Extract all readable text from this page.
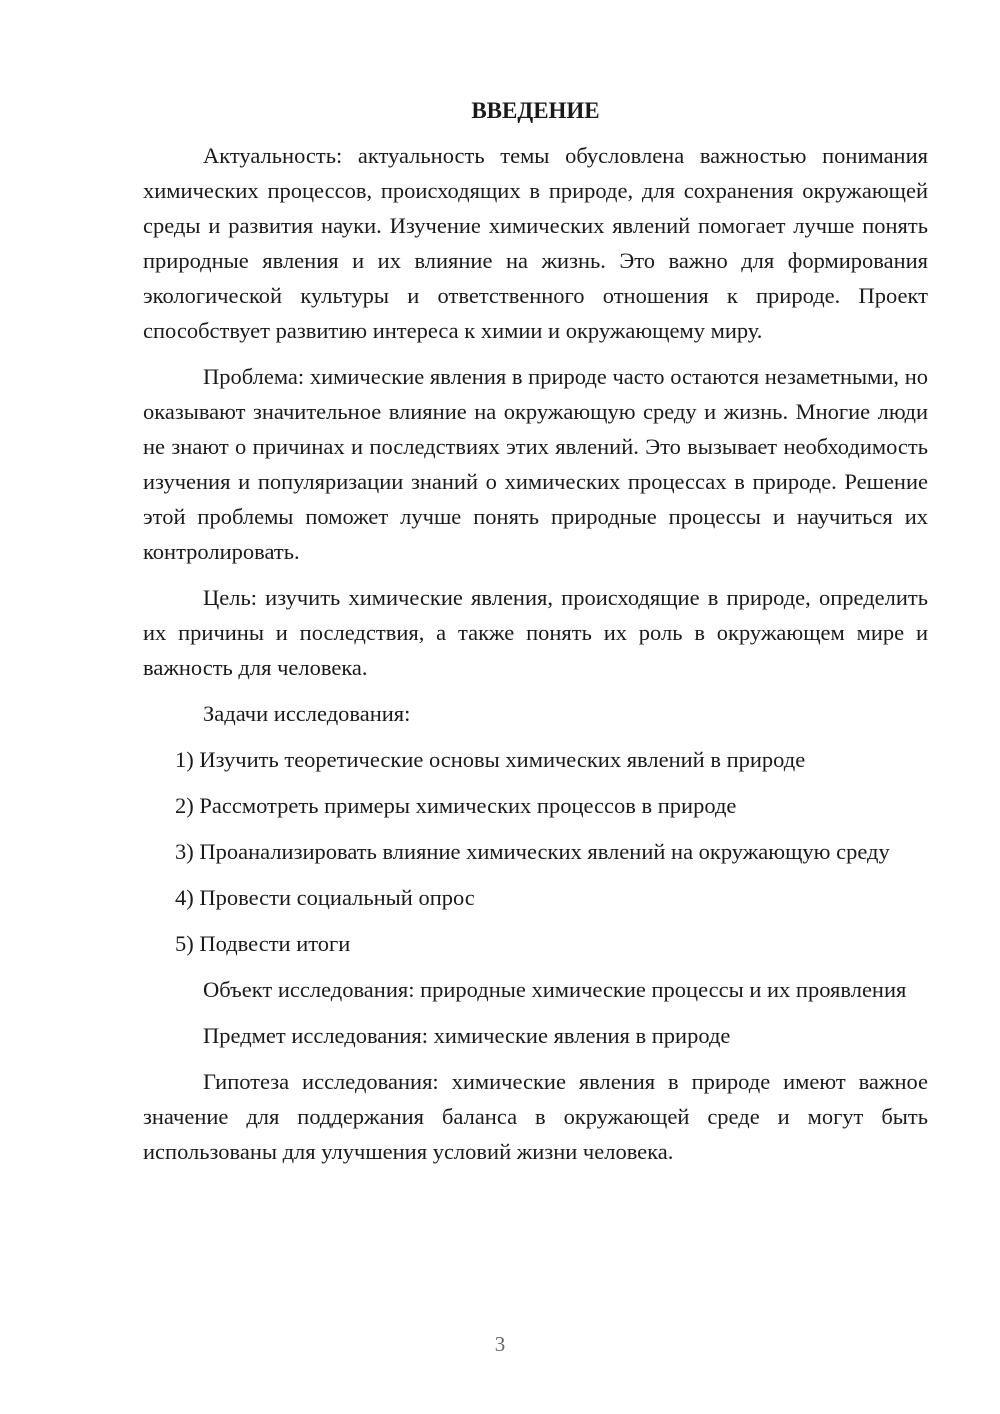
ВВЕДЕНИЕ

Актуальность: актуальность темы обусловлена важностью понимания химических процессов, происходящих в природе, для сохранения окружающей среды и развития науки. Изучение химических явлений помогает лучше понять природные явления и их влияние на жизнь. Это важно для формирования экологической культуры и ответственного отношения к природе. Проект способствует развитию интереса к химии и окружающему миру.

Проблема: химические явления в природе часто остаются незаметными, но оказывают значительное влияние на окружающую среду и жизнь. Многие люди не знают о причинах и последствиях этих явлений. Это вызывает необходимость изучения и популяризации знаний о химических процессах в природе. Решение этой проблемы поможет лучше понять природные процессы и научиться их контролировать.

Цель: изучить химические явления, происходящие в природе, определить их причины и последствия, а также понять их роль в окружающем мире и важность для человека.

Задачи исследования:

1) Изучить теоретические основы химических явлений в природе

2) Рассмотреть примеры химических процессов в природе

3) Проанализировать влияние химических явлений на окружающую среду

4) Провести социальный опрос

5) Подвести итоги

Объект исследования: природные химические процессы и их проявления

Предмет исследования: химические явления в природе

Гипотеза исследования: химические явления в природе имеют важное значение для поддержания баланса в окружающей среде и могут быть использованы для улучшения условий жизни человека.

3
